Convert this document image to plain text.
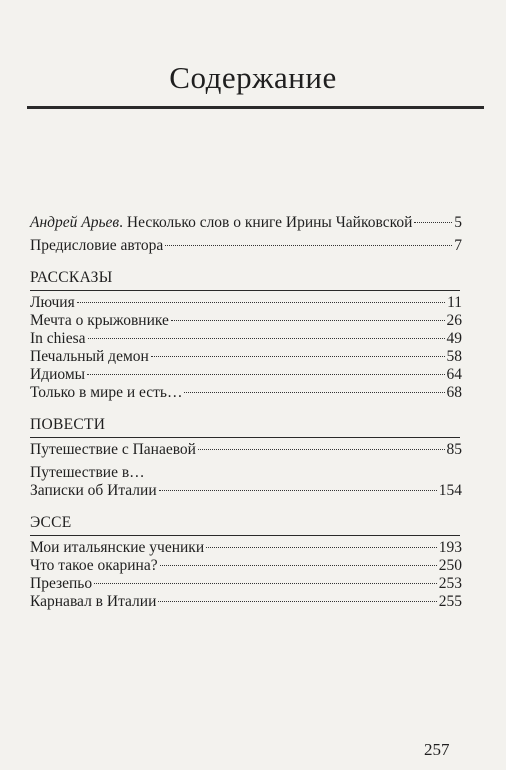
Содержание
Андрей Арьев. Несколько слов о книге Ирины Чайковской	5
Предисловие автора	7
РАССКАЗЫ
Лючия	11
Мечта о крыжовнике	26
In chiesa	49
Печальный демон	58
Идиомы	64
Только в мире и есть…	68
ПОВЕСТИ
Путешествие с Панаевой	85
Путешествие в…
Записки об Италии	154
ЭССЕ
Мои итальянские ученики	193
Что такое окарина?	250
Презепьо	253
Карнавал в Италии	255
257
